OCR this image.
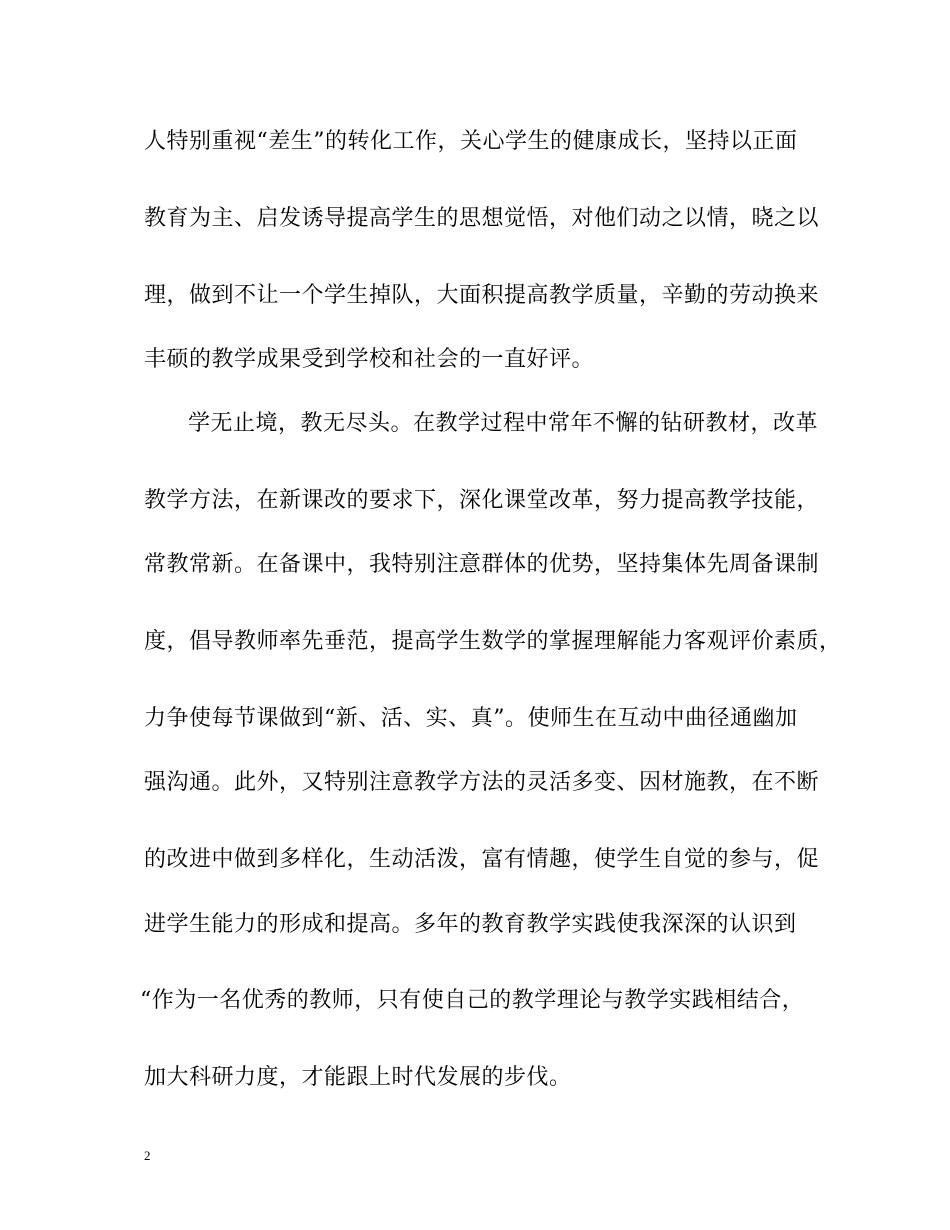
人特别重视“差生”的转化工作，关心学生的健康成长，坚持以正面
教育为主、启发诱导提高学生的思想觉悟，对他们动之以情，晓之以
理，做到不让一个学生掉队，大面积提高教学质量，辛勤的劳动换来
丰硕的教学成果受到学校和社会的一直好评。
学无止境，教无尽头。在教学过程中常年不懈的钻研教材，改革
教学方法，在新课改的要求下，深化课堂改革，努力提高教学技能，
常教常新。在备课中，我特别注意群体的优势，坚持集体先周备课制
度，倡导教师率先垂范，提高学生数学的掌握理解能力客观评价素质，
力争使每节课做到“新、活、实、真”。使师生在互动中曲径通幽加
强沟通。此外，又特别注意教学方法的灵活多变、因材施教，在不断
的改进中做到多样化，生动活泼，富有情趣，使学生自觉的参与，促
进学生能力的形成和提高。多年的教育教学实践使我深深的认识到
“作为一名优秀的教师，只有使自己的教学理论与教学实践相结合，
加大科研力度，才能跟上时代发展的步伐。
2
